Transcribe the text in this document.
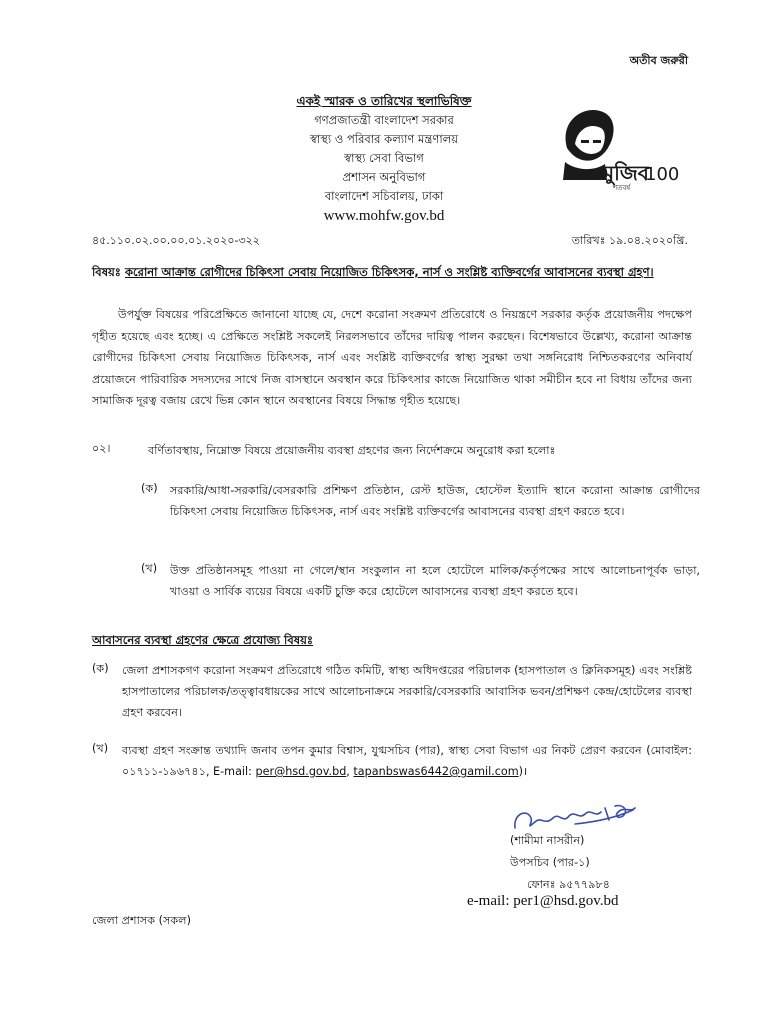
অতীব জরুরী
একই স্মারক ও তারিখের স্থলাভিষিক্ত
গণপ্রজাতন্ত্রী বাংলাদেশ সরকার
স্বাস্থ্য ও পরিবার কল্যাণ মন্ত্রণালয়
স্বাস্থ্য সেবা বিভাগ
প্রশাসন অনুবিভাগ
বাংলাদেশ সচিবালয়, ঢাকা
www.mohfw.gov.bd
মুজিব
শতবর্ষ
100
৪৫.১১০.০২.০০.০০.০১.২০২০-৩২২	তারিখঃ ১৯.০৪.২০২০খ্রি.
বিষয়ঃ করোনা আক্রান্ত রোগীদের চিকিৎসা সেবায় নিয়োজিত চিকিৎসক, নার্স ও সংশ্লিষ্ট ব্যক্তিবর্গের আবাসনের ব্যবস্থা গ্রহণ।
উপর্যুক্ত বিষয়ের পরিপ্রেক্ষিতে জানানো যাচ্ছে যে, দেশে করোনা সংক্রমণ প্রতিরোধে ও নিয়ন্ত্রণে সরকার কর্তৃক প্রয়োজনীয় পদক্ষেপ গৃহীত হয়েছে এবং হচ্ছে। এ প্রেক্ষিতে সংশ্লিষ্ট সকলেই নিরলসভাবে তাঁদের দায়িত্ব পালন করছেন। বিশেষভাবে উল্লেখ্য, করোনা আক্রান্ত রোগীদের চিকিৎসা সেবায় নিয়োজিত চিকিৎসক, নার্স এবং সংশ্লিষ্ট ব্যক্তিবর্গের স্বাস্থ্য সুরক্ষা তথা সঙ্গনিরোধ নিশ্চিতকরণের অনিবার্য প্রয়োজনে পারিবারিক সদস্যদের সাথে নিজ বাসস্থানে অবস্থান করে চিকিৎসার কাজে নিয়োজিত থাকা সমীচীন হবে না বিধায় তাঁদের জন্য সামাজিক দূরত্ব বজায় রেখে ভিন্ন কোন স্থানে অবস্থানের বিষয়ে সিদ্ধান্ত গৃহীত হয়েছে।
০২।	বর্ণিতাবস্থায়, নিম্নোক্ত বিষয়ে প্রয়োজনীয় ব্যবস্থা গ্রহণের জন্য নির্দেশক্রমে অনুরোধ করা হলোঃ
(ক) সরকারি/আধা-সরকারি/বেসরকারি প্রশিক্ষণ প্রতিষ্ঠান, রেস্ট হাউজ, হোস্টেল ইত্যাদি স্থানে করোনা আক্রান্ত রোগীদের চিকিৎসা সেবায় নিয়োজিত চিকিৎসক, নার্স এবং সংশ্লিষ্ট ব্যক্তিবর্গের আবাসনের ব্যবস্থা গ্রহণ করতে হবে।
(খ) উক্ত প্রতিষ্ঠানসমূহ পাওয়া না গেলে/স্থান সংকুলান না হলে হোটেলে মালিক/কর্তৃপক্ষের সাথে আলোচনাপূর্বক ভাড়া, খাওয়া ও সার্বিক ব্যয়ের বিষয়ে একটি চুক্তি করে হোটেলে আবাসনের ব্যবস্থা গ্রহণ করতে হবে।
আবাসনের ব্যবস্থা গ্রহণের ক্ষেত্রে প্রযোজ্য বিষয়ঃ
(ক) জেলা প্রশাসকগণ করোনা সংক্রমণ প্রতিরোধে গঠিত কমিটি, স্বাস্থ্য অধিদপ্তরের পরিচালক (হাসপাতাল ও ক্লিনিকসমূহ) এবং সংশ্লিষ্ট হাসপাতালের পরিচালক/তত্ত্বাবধায়কের সাথে আলোচনাক্রমে সরকারি/বেসরকারি আবাসিক ভবন/প্রশিক্ষণ কেন্দ্র/হোটেলের ব্যবস্থা গ্রহণ করবেন।
(খ) ব্যবস্থা গ্রহণ সংক্রান্ত তথ্যাদি জনাব তপন কুমার বিশ্বাস, যুগ্মসচিব (পার), স্বাস্থ্য সেবা বিভাগ এর নিকট প্রেরণ করবেন (মোবাইল: ০১৭১১-১৯৬৭৪১, E-mail: per@hsd.gov.bd, tapanbswas6442@gamil.com)।
(শামীমা নাসরীন)
উপসচিব (পার-১)
ফোনঃ ৯৫৭৭৯৮৪
e-mail: per1@hsd.gov.bd
জেলা প্রশাসক (সকল)
